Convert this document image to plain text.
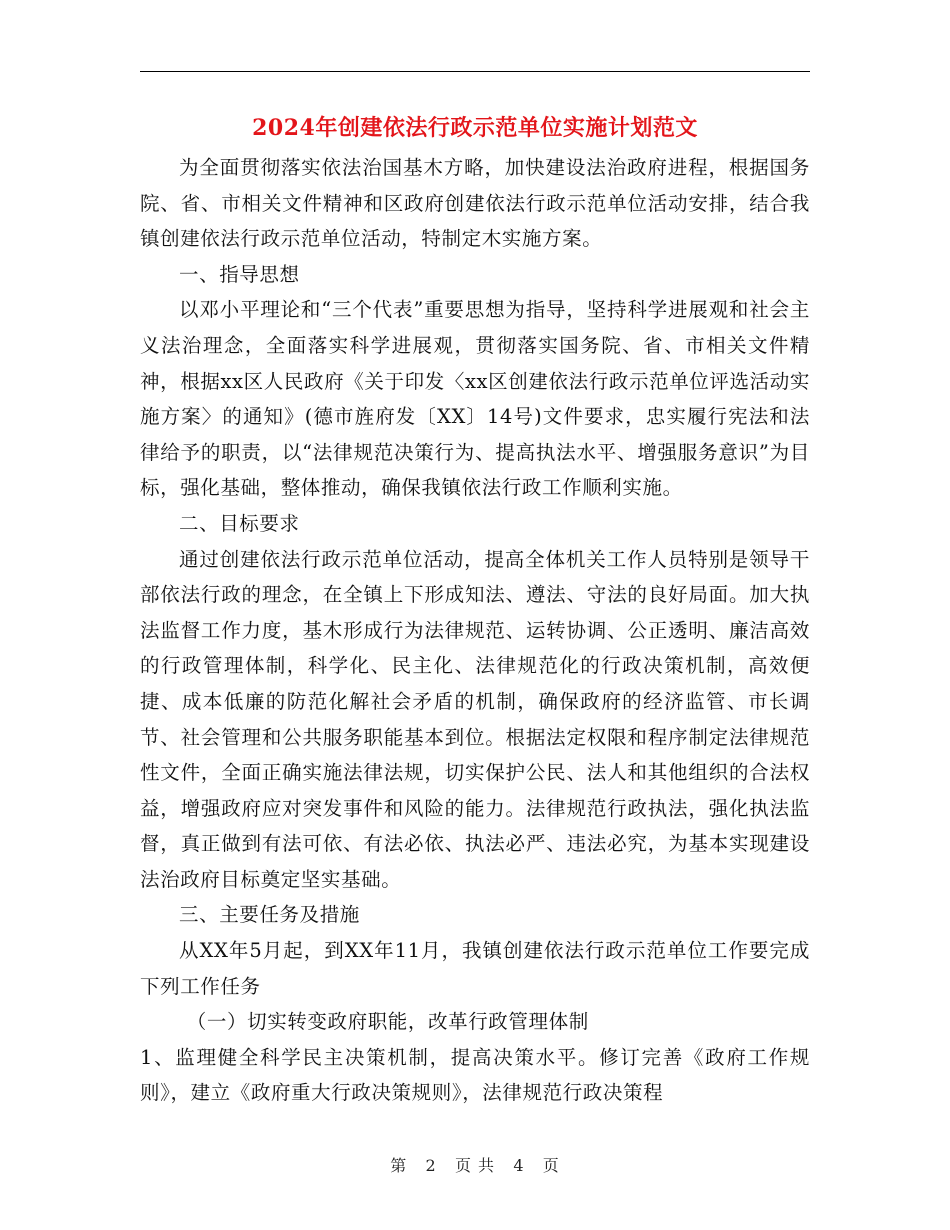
2024年创建依法行政示范单位实施计划范文

为全面贯彻落实依法治国基木方略，加快建设法治政府进程，根据国务院、省、市相关文件精神和区政府创建依法行政示范单位活动安排，结合我镇创建依法行政示范单位活动，特制定木实施方案。

一、指导思想

以邓小平理论和“三个代表”重要思想为指导，坚持科学进展观和社会主义法治理念，全面落实科学进展观，贯彻落实国务院、省、市相关文件精神，根据xx区人民政府《关于印发〈xx区创建依法行政示范单位评选活动实施方案〉的通知》(德市旌府发〔XX〕14号)文件要求，忠实履行宪法和法律给予的职责，以“法律规范决策行为、提高执法水平、增强服务意识”为目标，强化基础，整体推动，确保我镇依法行政工作顺利实施。

二、目标要求

通过创建依法行政示范单位活动，提高全体机关工作人员特别是领导干部依法行政的理念，在全镇上下形成知法、遵法、守法的良好局面。加大执法监督工作力度，基木形成行为法律规范、运转协调、公正透明、廉洁高效的行政管理体制，科学化、民主化、法律规范化的行政决策机制，高效便捷、成本低廉的防范化解社会矛盾的机制，确保政府的经济监管、市长调节、社会管理和公共服务职能基本到位。根据法定权限和程序制定法律规范性文件，全面正确实施法律法规，切实保护公民、法人和其他组织的合法权益，增强政府应对突发事件和风险的能力。法律规范行政执法，强化执法监督，真正做到有法可依、有法必依、执法必严、违法必究，为基本实现建设法治政府目标奠定坚实基础。

三、主要任务及措施

从XX年5月起，到XX年11月，我镇创建依法行政示范单位工作要完成下列工作任务

（一）切实转变政府职能，改革行政管理体制

1、监理健全科学民主决策机制，提高决策水平。修订完善《政府工作规则》，建立《政府重大行政决策规则》，法律规范行政决策程

第 2 页 共 4 页
